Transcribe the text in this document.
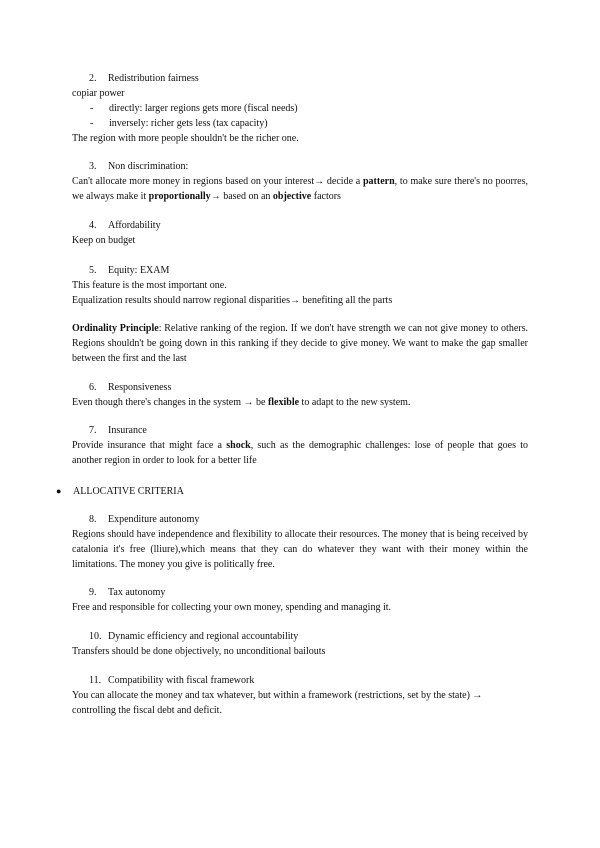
2. Redistribution fairness

copiar power

- directly: larger regions gets more (fiscal needs)
- inversely: richer gets less (tax capacity)

The region with more people shouldn't be the richer one.

3. Non discrimination:

Can't allocate more money in regions based on your interest→ decide a pattern, to make sure there's no poorres, we always make it proportionally→ based on an objective factors

4. Affordability

Keep on budget

5. Equity: EXAM

This feature is the most important one.

Equalization results should narrow regional disparities→ benefiting all the parts

Ordinality Principle: Relative ranking of the region. If we don't have strength we can not give money to others. Regions shouldn't be going down in this ranking if they decide to give money. We want to make the gap smaller between the first and the last

6. Responsiveness

Even though there's changes in the system → be flexible to adapt to the new system.

7. Insurance

Provide insurance that might face a shock, such as the demographic challenges: lose of people that goes to another region in order to look for a better life

● ALLOCATIVE CRITERIA
8. Expenditure autonomy

Regions should have independence and flexibility to allocate their resources. The money that is being received by catalonia it's free (lliure),which means that they can do whatever they want with their money within the limitations. The money you give is politically free.

9. Tax autonomy

Free and responsible for collecting your own money, spending and managing it.

10. Dynamic efficiency and regional accountability

Transfers should be done objectively, no unconditional bailouts

11. Compatibility with fiscal framework

You can allocate the money and tax whatever, but within a framework (restrictions, set by the state) → controlling the fiscal debt and deficit.
